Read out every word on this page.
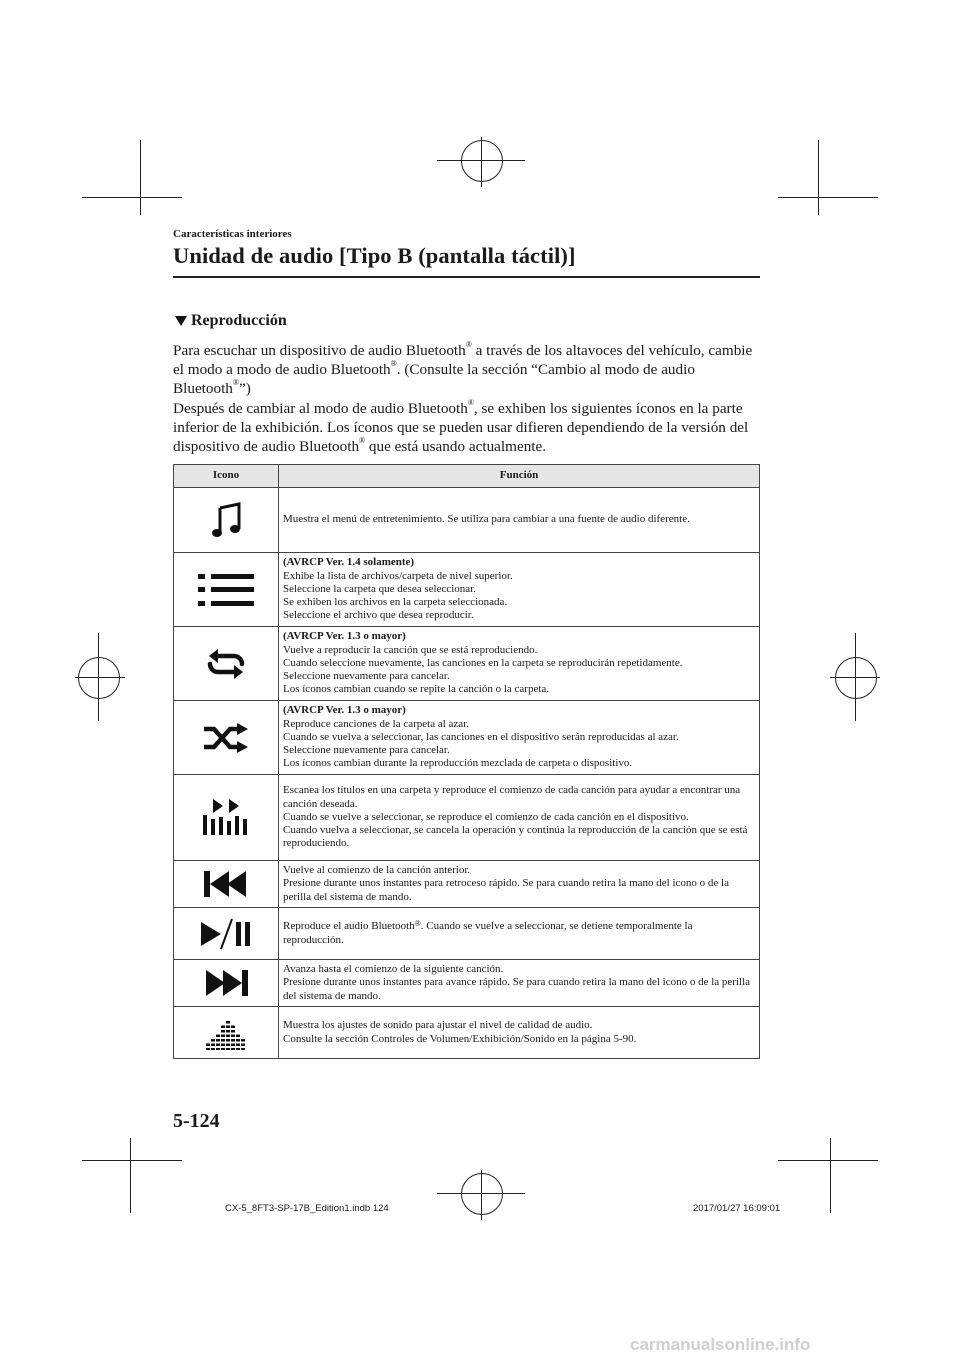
Características interiores
Unidad de audio [Tipo B (pantalla táctil)]
Reproducción

Para escuchar un dispositivo de audio Bluetooth® a través de los altavoces del vehículo, cambie el modo a modo de audio Bluetooth®. (Consulte la sección “Cambio al modo de audio Bluetooth®”)

Después de cambiar al modo de audio Bluetooth®, se exhiben los siguientes íconos en la parte inferior de la exhibición. Los íconos que se pueden usar difieren dependiendo de la versión del dispositivo de audio Bluetooth® que está usando actualmente.

Icono	Función

Muestra el menú de entretenimiento. Se utiliza para cambiar a una fuente de audio diferente.

(AVRCP Ver. 1.4 solamente)
Exhibe la lista de archivos/carpeta de nivel superior.
Seleccione la carpeta que desea seleccionar.
Se exhiben los archivos en la carpeta seleccionada.
Seleccione el archivo que desea reproducir.

(AVRCP Ver. 1.3 o mayor)
Vuelve a reproducir la canción que se está reproduciendo.
Cuando seleccione nuevamente, las canciones en la carpeta se reproducirán repetidamente.
Seleccione nuevamente para cancelar.
Los íconos cambian cuando se repite la canción o la carpeta.

(AVRCP Ver. 1.3 o mayor)
Reproduce canciones de la carpeta al azar.
Cuando se vuelva a seleccionar, las canciones en el dispositivo serán reproducidas al azar.
Seleccione nuevamente para cancelar.
Los íconos cambian durante la reproducción mezclada de carpeta o dispositivo.

Escanea los títulos en una carpeta y reproduce el comienzo de cada canción para ayudar a encontrar una canción deseada.
Cuando se vuelve a seleccionar, se reproduce el comienzo de cada canción en el dispositivo.
Cuando vuelva a seleccionar, se cancela la operación y continúa la reproducción de la canción que se está reproduciendo.

Vuelve al comienzo de la canción anterior.
Presione durante unos instantes para retroceso rápido. Se para cuando retira la mano del icono o de la perilla del sistema de mando.

Reproduce el audio Bluetooth®. Cuando se vuelve a seleccionar, se detiene temporalmente la reproducción.

Avanza hasta el comienzo de la siguiente canción.
Presione durante unos instantes para avance rápido. Se para cuando retira la mano del icono o de la perilla del sistema de mando.

Muestra los ajustes de sonido para ajustar el nivel de calidad de audio.
Consulte la sección Controles de Volumen/Exhibición/Sonido en la página 5-90.
5-124
CX-5_8FT3-SP-17B_Edition1.indb 124	2017/01/27 16:09:01
carmanualsonline.info
